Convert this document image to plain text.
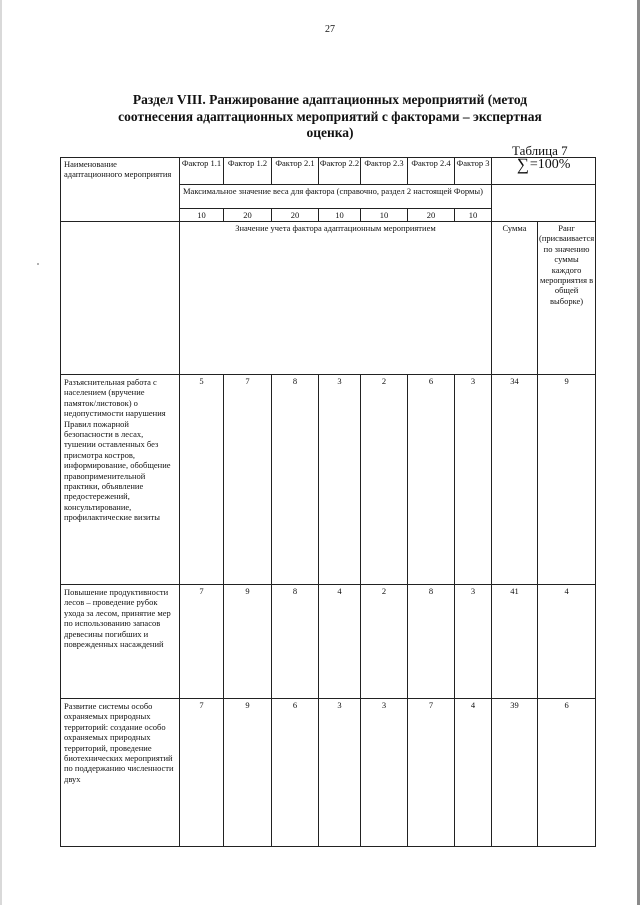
27
Раздел VIII. Ранжирование адаптационных мероприятий (метод соотнесения адаптационных мероприятий с факторами – экспертная оценка)
Таблица 7
Наименование адаптационного мероприятия	Фактор 1.1	Фактор 1.2	Фактор 2.1	Фактор 2.2	Фактор 2.3	Фактор 2.4	Фактор 3	∑=100%	
	Максимальное значение веса для фактора (справочно, раздел 2 настоящей Формы)								
	10	20	20	10	10	20	10		
	Значение учета фактора адаптационным мероприятием							Сумма	Ранг (присваивается по значению суммы каждого мероприятия в общей выборке)
Разъяснительная работа с населением (вручение памяток/листовок) о недопустимости нарушения Правил пожарной безопасности в лесах, тушении оставленных без присмотра костров, информирование, обобщение правоприменительной практики, объявление предостережений, консультирование, профилактические визиты	5	7	8	3	2	6	3	34	9
Повышение продуктивности лесов – проведение рубок ухода за лесом, принятие мер по использованию запасов древесины погибших и поврежденных насаждений	7	9	8	4	2	8	3	41	4
Развитие системы особо охраняемых природных территорий: создание особо охраняемых природных территорий, проведение биотехнических мероприятий по поддержанию численности двух	7	9	6	3	3	7	4	39	6
